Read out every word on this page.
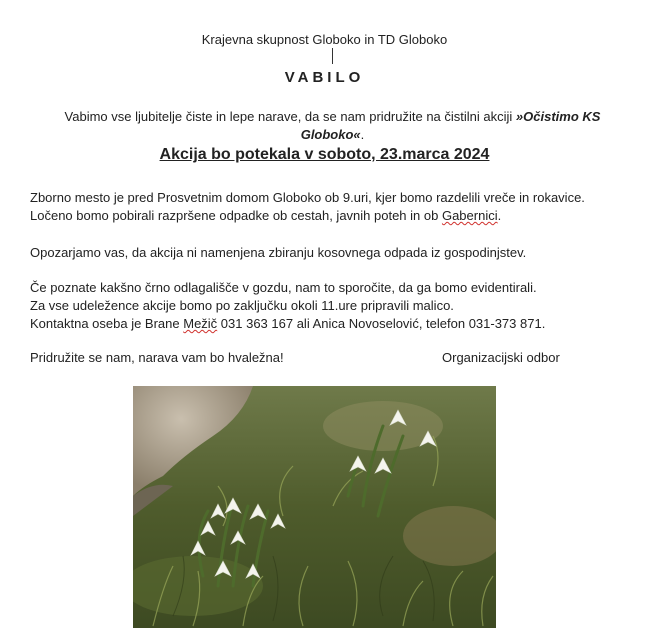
Krajevna skupnost Globoko in TD Globoko
VABILO
Vabimo vse ljubitelje čiste in lepe narave, da se nam pridružite na čistilni akciji »Očistimo KS Globoko«.
Akcija bo potekala v soboto, 23.marca 2024
Zborno mesto je pred Prosvetnim domom Globoko ob 9.uri, kjer bomo razdelili vreče in rokavice.
Ločeno bomo pobirali razpršene odpadke ob cestah, javnih poteh in ob Gabernici.
Opozarjamo vas, da akcija ni namenjena zbiranju kosovnega odpada iz gospodinjstev.
Če poznate kakšno črno odlagališče v gozdu, nam to sporočite, da ga bomo evidentirali.
Za vse udeležence akcije bomo po zaključku okoli 11.ure pripravili malico.
Kontaktna oseba je Brane Mežič 031 363 167 ali Anica Novoselović, telefon 031-373 871.
Pridružite se nam, narava vam bo hvaležna!	Organizacijski odbor
